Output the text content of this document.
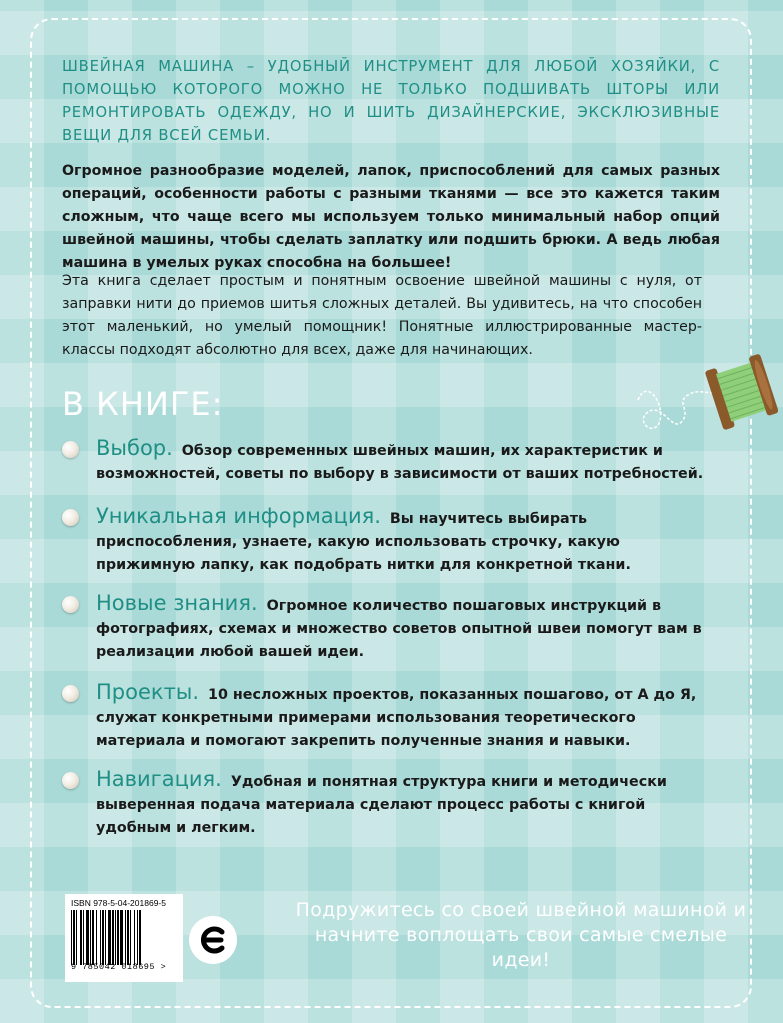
ШВЕЙНАЯ МАШИНА – УДОБНЫЙ ИНСТРУМЕНТ ДЛЯ ЛЮБОЙ ХОЗЯЙКИ, С ПОМОЩЬЮ КОТОРОГО МОЖНО НЕ ТОЛЬКО ПОДШИВАТЬ ШТОРЫ ИЛИ РЕМОНТИРОВАТЬ ОДЕЖДУ, НО И ШИТЬ ДИЗАЙНЕРСКИЕ, ЭКСКЛЮЗИВНЫЕ ВЕЩИ ДЛЯ ВСЕЙ СЕМЬИ.
Огромное разнообразие моделей, лапок, приспособлений для самых разных операций, особенности работы с разными тканями — все это кажется таким сложным, что чаще всего мы используем только минимальный набор опций швейной машины, чтобы сделать заплатку или подшить брюки. А ведь любая машина в умелых руках способна на большее!
Эта книга сделает простым и понятным освоение швейной машины с нуля, от заправки нити до приемов шитья сложных деталей. Вы удивитесь, на что способен этот маленький, но умелый помощник! Понятные иллюстрированные мастер-классы подходят абсолютно для всех, даже для начинающих.
В КНИГЕ:
Выбор. Обзор современных швейных машин, их характеристик и возможностей, советы по выбору в зависимости от ваших потребностей.
Уникальная информация. Вы научитесь выбирать приспособления, узнаете, какую использовать строчку, какую прижимную лапку, как подобрать нитки для конкретной ткани.
Новые знания. Огромное количество пошаговых инструкций в фотографиях, схемах и множество советов опытной швеи помогут вам в реализации любой вашей идеи.
Проекты. 10 несложных проектов, показанных пошагово, от А до Я, служат конкретными примерами использования теоретического материала и помогают закрепить полученные знания и навыки.
Навигация. Удобная и понятная структура книги и методически выверенная подача материала сделают процесс работы с книгой удобным и легким.
ISBN 978-5-04-201869-5
9 785042 018695 >
Подружитесь со своей швейной машиной и начните воплощать свои самые смелые идеи!
